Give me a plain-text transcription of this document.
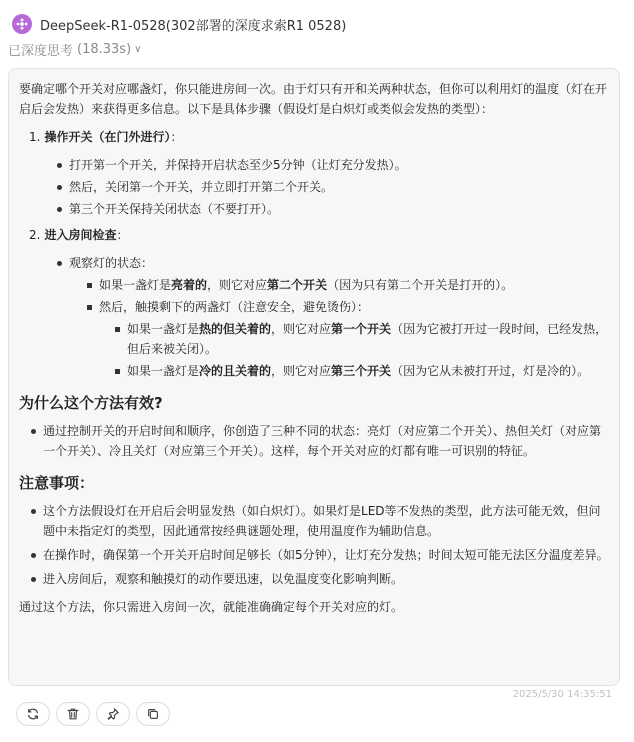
DeepSeek-R1-0528(302部署的深度求索R1 0528)
已深度思考 (18.33s) ∨

要确定哪个开关对应哪盏灯，你只能进房间一次。由于灯只有开和关两种状态，但你可以利用灯的温度（灯在开启后会发热）来获得更多信息。以下是具体步骤（假设灯是白炽灯或类似会发热的类型）：

1. 操作开关（在门外进行）：
打开第一个开关，并保持开启状态至少5分钟（让灯充分发热）。
然后，关闭第一个开关，并立即打开第二个开关。
第三个开关保持关闭状态（不要打开）。
2. 进入房间检查：
观察灯的状态：
如果一盏灯是亮着的，则它对应第二个开关（因为只有第二个开关是打开的）。
然后，触摸剩下的两盏灯（注意安全，避免烫伤）：
如果一盏灯是热的但关着的，则它对应第一个开关（因为它被打开过一段时间，已经发热，但后来被关闭）。
如果一盏灯是冷的且关着的，则它对应第三个开关（因为它从未被打开过，灯是冷的）。
为什么这个方法有效?
通过控制开关的开启时间和顺序，你创造了三种不同的状态：亮灯（对应第二个开关）、热但关灯（对应第一个开关）、冷且关灯（对应第三个开关）。这样，每个开关对应的灯都有唯一可识别的特征。
注意事项：
这个方法假设灯在开启后会明显发热（如白炽灯）。如果灯是LED等不发热的类型，此方法可能无效，但问题中未指定灯的类型，因此通常按经典谜题处理，使用温度作为辅助信息。
在操作时，确保第一个开关开启时间足够长（如5分钟），让灯充分发热；时间太短可能无法区分温度差异。
进入房间后，观察和触摸灯的动作要迅速，以免温度变化影响判断。

通过这个方法，你只需进入房间一次，就能准确确定每个开关对应的灯。

2025/5/30 14:35:51
